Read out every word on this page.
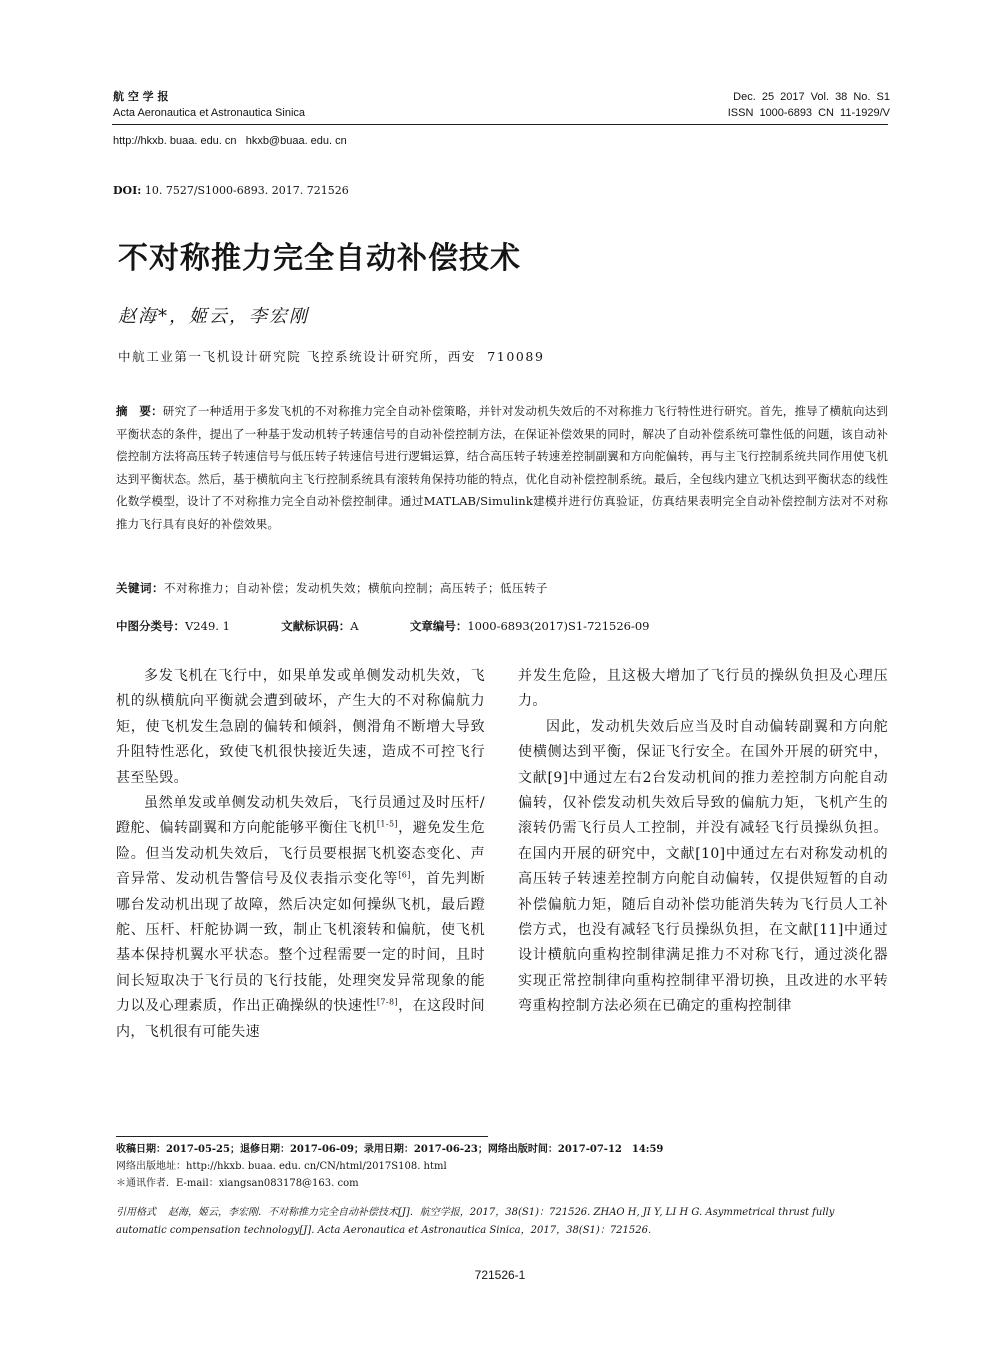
航 空 学 报
Acta Aeronautica et Astronautica Sinica
Dec. 25 2017 Vol. 38 No. S1
ISSN 1000-6893 CN 11-1929/V
http://hkxb. buaa. edu. cn   hkxb@buaa. edu. cn
DOI: 10. 7527/S1000-6893. 2017. 721526
不对称推力完全自动补偿技术
赵海*，姬云，李宏刚
中航工业第一飞机设计研究院 飞控系统设计研究所，西安  710089
摘　要：研究了一种适用于多发飞机的不对称推力完全自动补偿策略，并针对发动机失效后的不对称推力飞行特性进行研究。首先，推导了横航向达到平衡状态的条件，提出了一种基于发动机转子转速信号的自动补偿控制方法，在保证补偿效果的同时，解决了自动补偿系统可靠性低的问题，该自动补偿控制方法将高压转子转速信号与低压转子转速信号进行逻辑运算，结合高压转子转速差控制副翼和方向舵偏转，再与主飞行控制系统共同作用使飞机达到平衡状态。然后，基于横航向主飞行控制系统具有滚转角保持功能的特点，优化自动补偿控制系统。最后，全包线内建立飞机达到平衡状态的线性化数学模型，设计了不对称推力完全自动补偿控制律。通过MATLAB/Simulink建模并进行仿真验证，仿真结果表明完全自动补偿控制方法对不对称推力飞行具有良好的补偿效果。
关键词：不对称推力；自动补偿；发动机失效；横航向控制；高压转子；低压转子
中图分类号：V249. 1	文献标识码：A	文章编号：1000-6893(2017)S1-721526-09

多发飞机在飞行中，如果单发或单侧发动机失效，飞机的纵横航向平衡就会遭到破坏，产生大的不对称偏航力矩，使飞机发生急剧的偏转和倾斜，侧滑角不断增大导致升阻特性恶化，致使飞机很快接近失速，造成不可控飞行甚至坠毁。

虽然单发或单侧发动机失效后，飞行员通过及时压杆/蹬舵、偏转副翼和方向舵能够平衡住飞机[1-5]，避免发生危险。但当发动机失效后，飞行员要根据飞机姿态变化、声音异常、发动机告警信号及仪表指示变化等[6]，首先判断哪台发动机出现了故障，然后决定如何操纵飞机，最后蹬舵、压杆、杆舵协调一致，制止飞机滚转和偏航，使飞机基本保持机翼水平状态。整个过程需要一定的时间，且时间长短取决于飞行员的飞行技能，处理突发异常现象的能力以及心理素质，作出正确操纵的快速性[7-8]，在这段时间内，飞机很有可能失速

并发生危险，且这极大增加了飞行员的操纵负担及心理压力。

因此，发动机失效后应当及时自动偏转副翼和方向舵使横侧达到平衡，保证飞行安全。在国外开展的研究中，文献[9]中通过左右2台发动机间的推力差控制方向舵自动偏转，仅补偿发动机失效后导致的偏航力矩，飞机产生的滚转仍需飞行员人工控制，并没有减轻飞行员操纵负担。在国内开展的研究中，文献[10]中通过左右对称发动机的高压转子转速差控制方向舵自动偏转，仅提供短暂的自动补偿偏航力矩，随后自动补偿功能消失转为飞行员人工补偿方式，也没有减轻飞行员操纵负担，在文献[11]中通过设计横航向重构控制律满足推力不对称飞行，通过淡化器实现正常控制律向重构控制律平滑切换，且改进的水平转弯重构控制方法必须在已确定的重构控制律

收稿日期：2017-05-25；退修日期：2017-06-09；录用日期：2017-06-23；网络出版时间：2017-07-12　14:59
网络出版地址：http://hkxb. buaa. edu. cn/CN/html/2017S108. html
＊通讯作者．E-mail：xiangsan083178@163. com
引用格式 赵海，姬云，李宏刚．不对称推力完全自动补偿技术[J]．航空学报，2017，38(S1)：721526. ZHAO H, JI Y, LI H G. Asymmetrical thrust fully automatic compensation technology[J]. Acta Aeronautica et Astronautica Sinica，2017，38(S1)：721526.
721526-1
